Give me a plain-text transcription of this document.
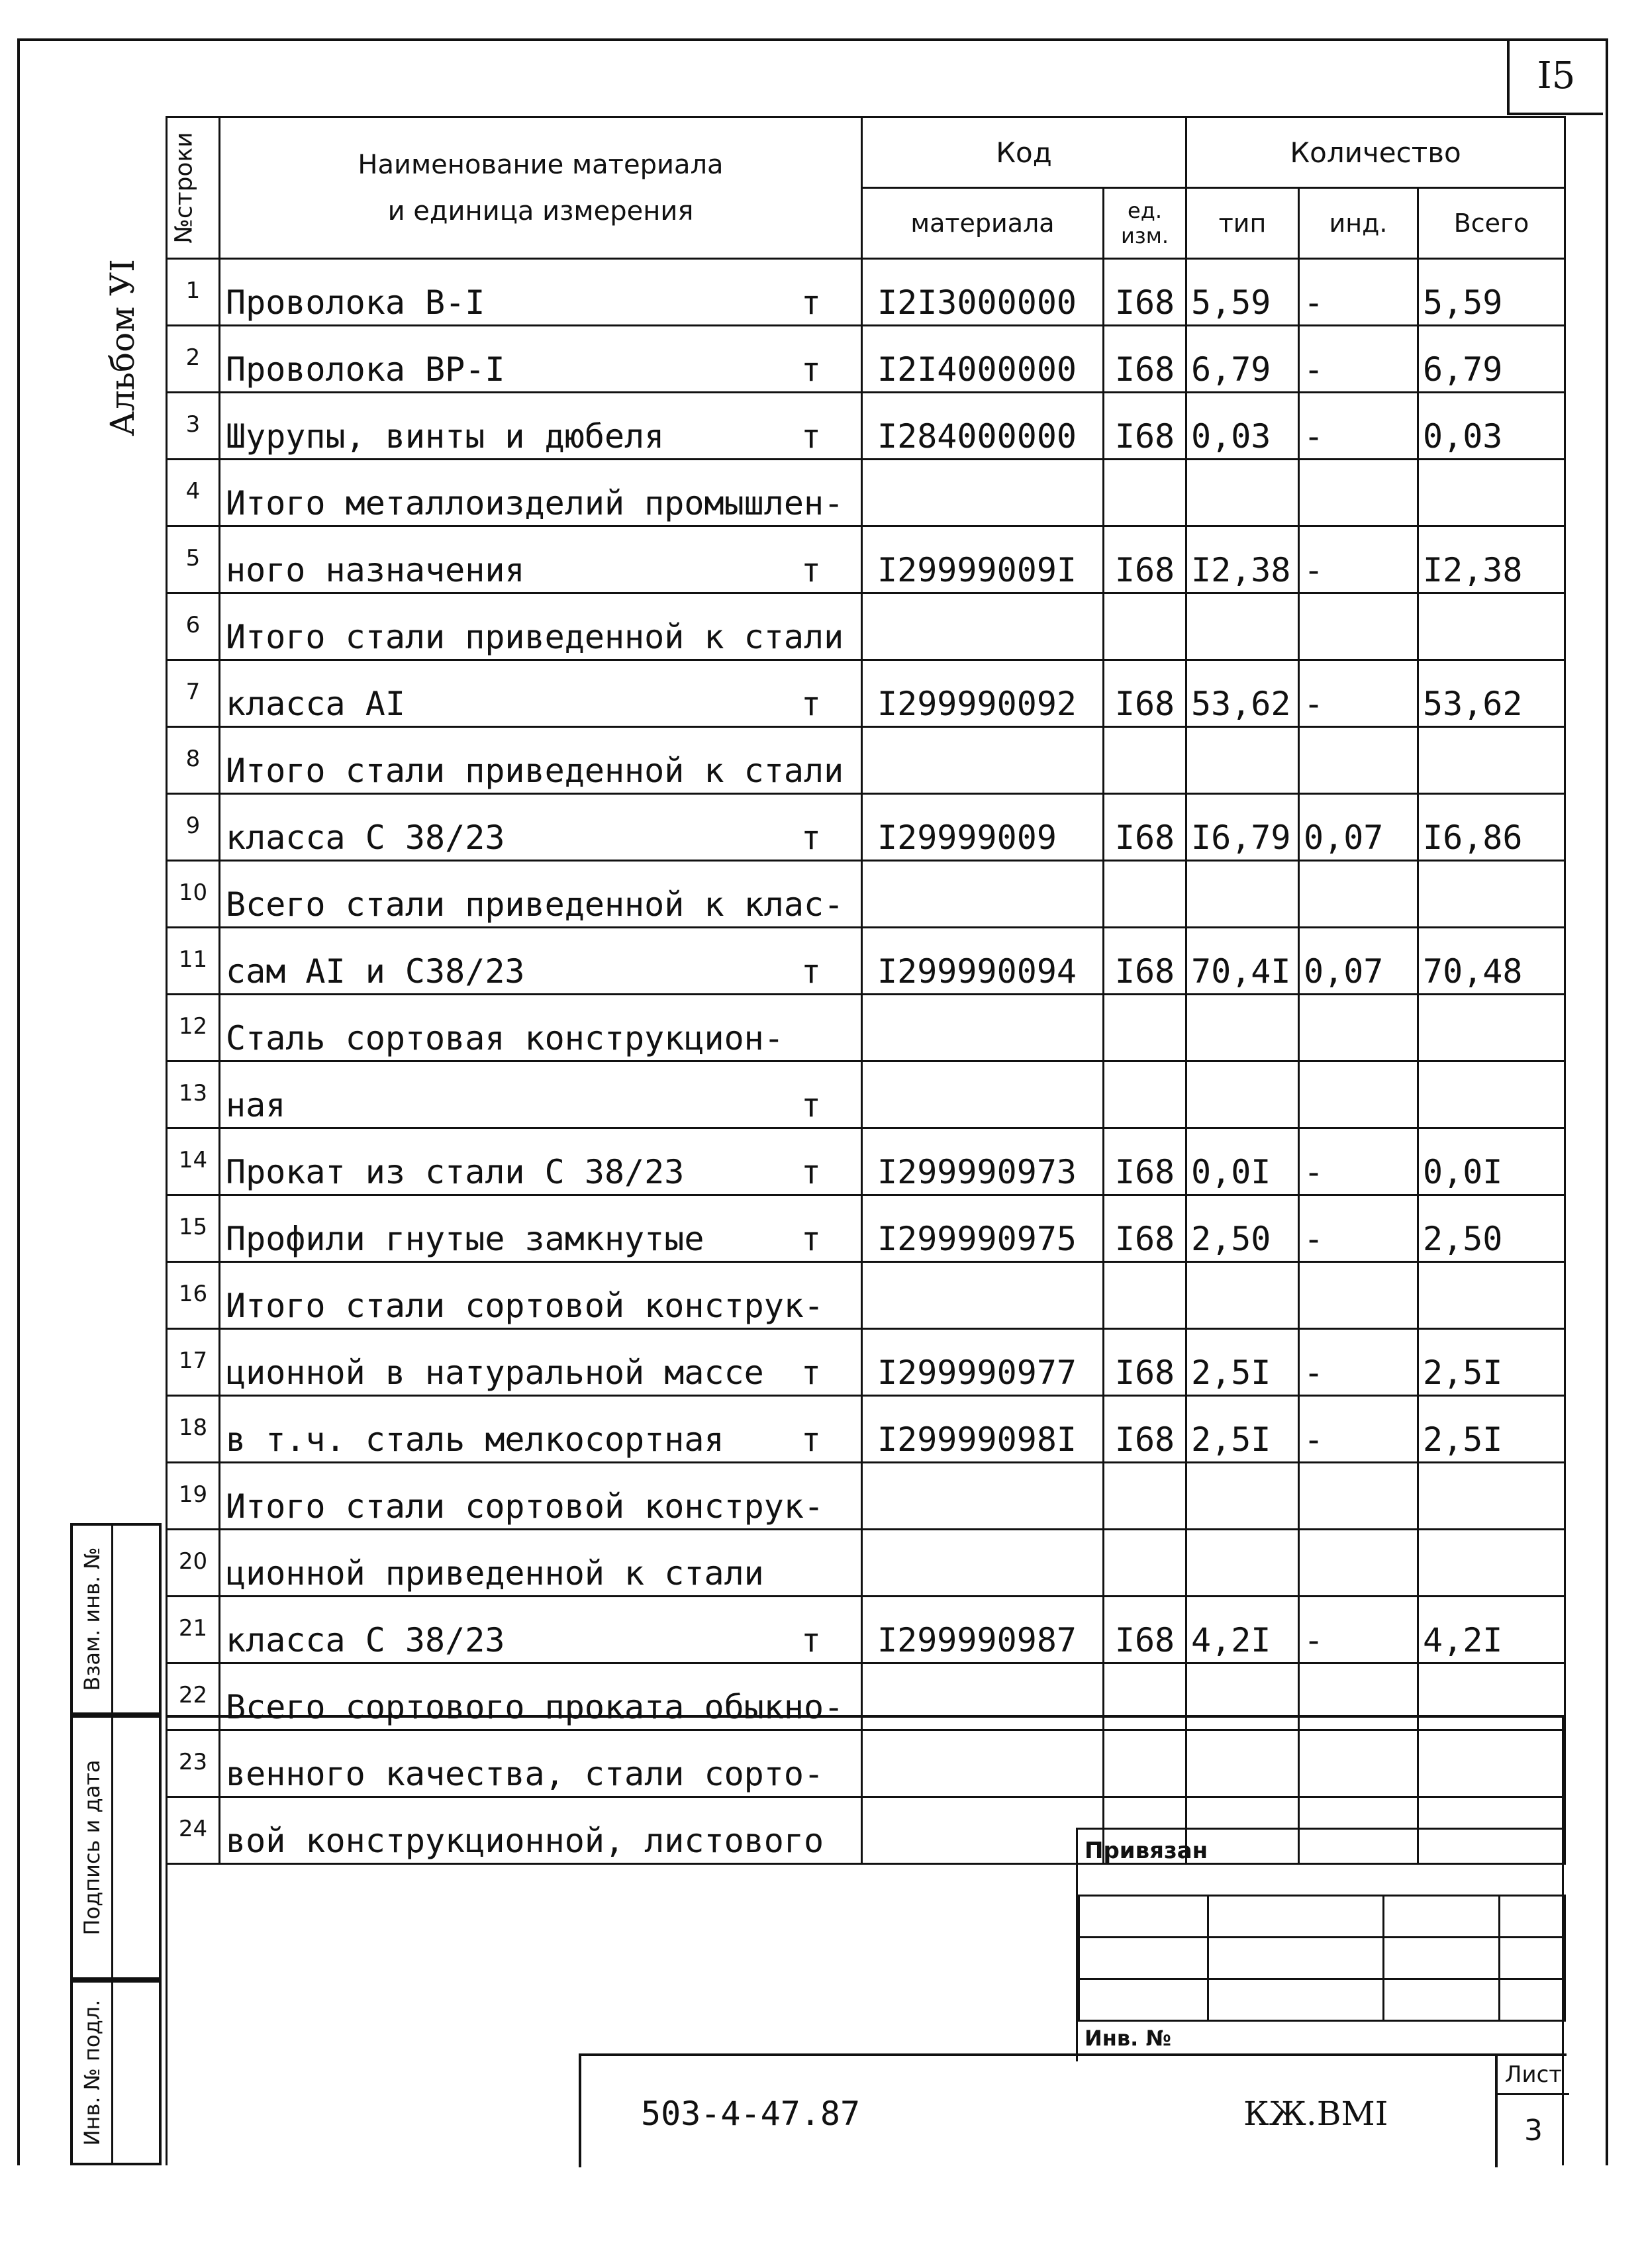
I5
Альбом УI
№строки	Наименование материала
и единица измерения	Код		Количество		
		материала	ед. изм.	тип	инд.	Всего
1	Проволока В-I т	I2I3000000	I68	5,59	-	5,59
2	Проволока ВР-I т	I2I4000000	I68	6,79	-	6,79
3	Шурупы, винты и дюбеля т	I284000000	I68	0,03	-	0,03
4	Итого металлоизделий промышлен-

5	ного назначения т	I29999009I	I68	I2,38	-	I2,38
6	Итого стали приведенной к стали

7	класса АI т	I299990092	I68	53,62	-	53,62
8	Итого стали приведенной к стали

9	класса С 38/23 т	I29999009	I68	I6,79	0,07	I6,86
10	Всего стали приведенной к клас-

11	сам АI и С38/23 т	I299990094	I68	70,4I	0,07	70,48
12	Сталь сортовая конструкцион-

13	ная т					

14	Прокат из стали С 38/23 т	I299990973	I68	0,0I	-	0,0I
15	Профили гнутые замкнутые т	I299990975	I68	2,50	-	2,50
16	Итого стали сортовой конструк-

17	ционной в натуральной массе т	I299990977	I68	2,5I	-	2,5I
18	в т.ч. сталь мелкосортная т	I29999098I	I68	2,5I	-	2,5I
19	Итого стали сортовой конструк-

20	ционной приведенной к стали

21	класса С 38/23 т	I299990987	I68	4,2I	-	4,2I
22	Всего сортового проката обыкно-

23	венного качества, стали сорто-

24	вой конструкционной, листового

Взам. инв. №
Подпись и дата
Инв. № подл.
Привязан

Инв. №
503-4-47.87	КЖ.ВМI
Лист
3
